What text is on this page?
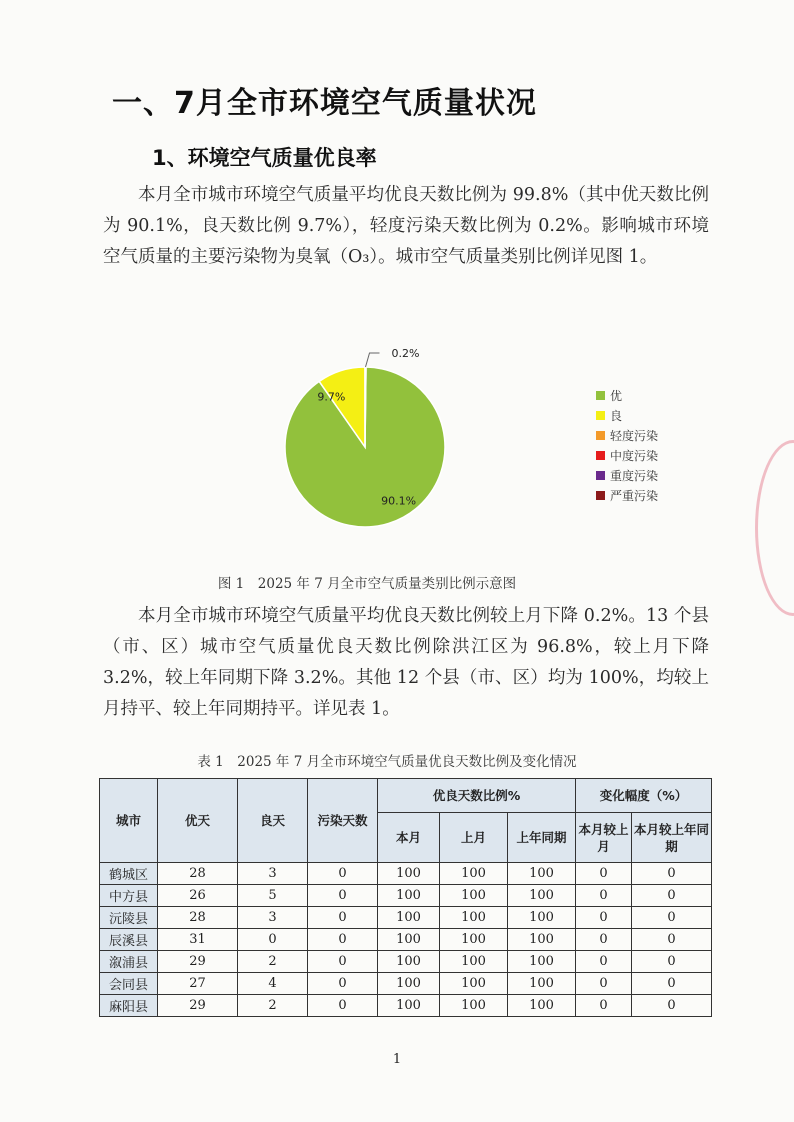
一、7月全市环境空气质量状况
1、环境空气质量优良率
本月全市城市环境空气质量平均优良天数比例为 99.8%（其中优天数比例为 90.1%，良天数比例 9.7%），轻度污染天数比例为 0.2%。影响城市环境空气质量的主要污染物为臭氧（O₃）。城市空气质量类别比例详见图 1。
90.1%
9.7%
0.2%
优
良
轻度污染
中度污染
重度污染
严重污染
图 1　2025 年 7 月全市空气质量类别比例示意图
本月全市城市环境空气质量平均优良天数比例较上月下降 0.2%。13 个县（市、区）城市空气质量优良天数比例除洪江区为 96.8%，较上月下降 3.2%，较上年同期下降 3.2%。其他 12 个县（市、区）均为 100%，均较上月持平、较上年同期持平。详见表 1。
表 1　2025 年 7 月全市环境空气质量优良天数比例及变化情况
城市	优天	良天	污染天数	优良天数比例%			变化幅度（%）	
				本月	上月	上年同期	本月较上月	本月较上年同期
鹤城区	28	3	0	100	100	100	0	0
中方县	26	5	0	100	100	100	0	0
沅陵县	28	3	0	100	100	100	0	0
辰溪县	31	0	0	100	100	100	0	0
溆浦县	29	2	0	100	100	100	0	0
会同县	27	4	0	100	100	100	0	0
麻阳县	29	2	0	100	100	100	0	0
1
